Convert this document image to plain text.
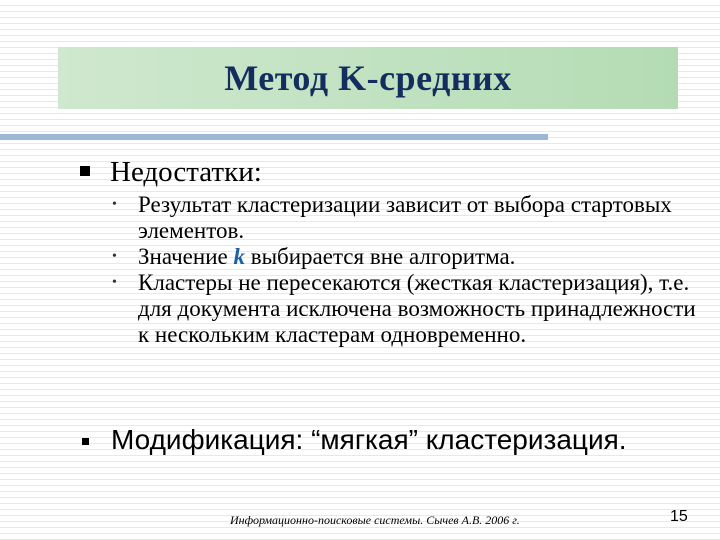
Метод K-средних
Недостатки:
• Результат кластеризации зависит от выбора стартовых элементов.
• Значение k выбирается вне алгоритма.
• Кластеры не пересекаются (жесткая кластеризация), т.е. для документа исключена возможность принадлежности к нескольким кластерам одновременно.
Модификация: “мягкая” кластеризация.
Информационно-поисковые системы. Сычев А.В. 2006 г.	15
